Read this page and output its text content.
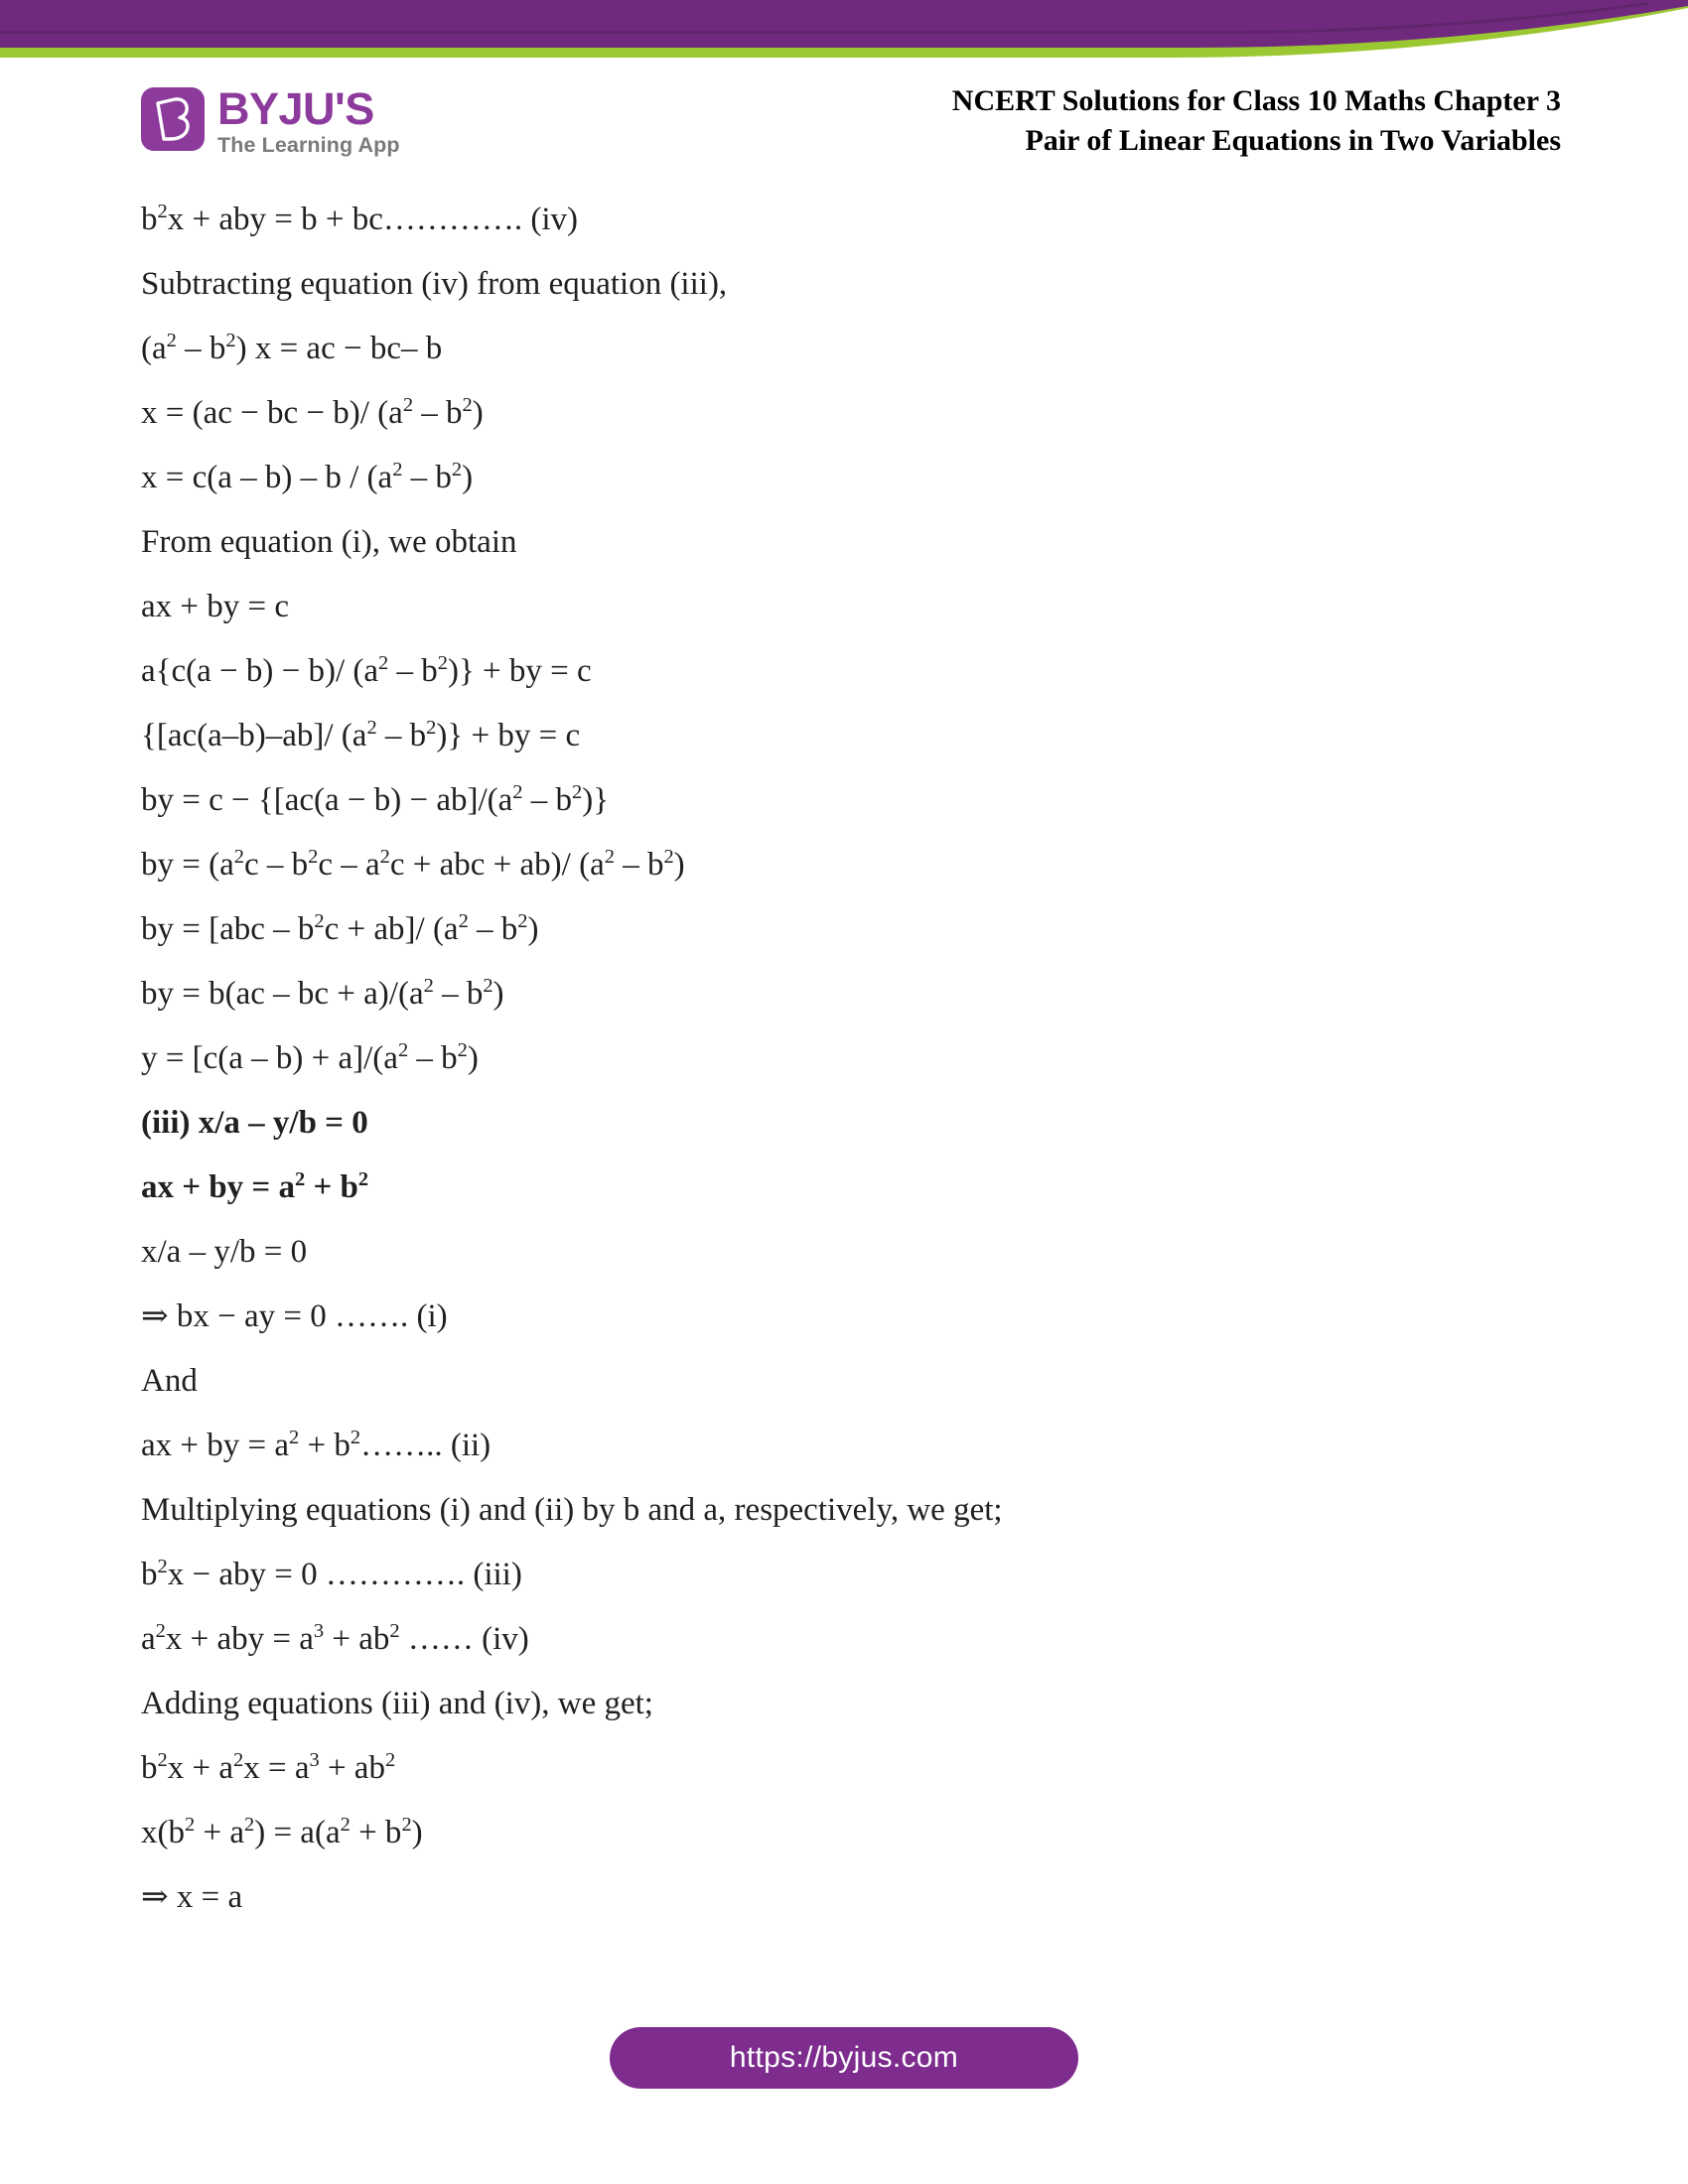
BYJU'S
The Learning App
NCERT Solutions for Class 10 Maths Chapter 3
Pair of Linear Equations in Two Variables
$b^2x$ + aby = b + bc…………. (iv)
Subtracting equation (iv) from equation (iii),
$(a^2 - b^2) x$ = ac − bc– b
x = (ac − bc − b)/ $(a^2 - b^2)$
$x = c(a - b) - b / (a^2 - b^2)$
From equation (i), we obtain
ax + by = c
a{c(a − b) − b)/ $(a^2 - b^2)$} + by = c
{[ac(a–b)–ab]/ $(a^2 - b^2)$} + by = c
by = $c - \{[ac(a - b) - ab]/(a^2 - b^2)\}$
by = ($a^2c - b^2c - a^2c$ + abc + ab)/ $(a^2 - b^2)$
by = $[abc - b^2c + ab]/$ $(a^2 - b^2)$
by = b(ac – bc + $a)/(a^2 - b^2)$
$y = [c(a - b) + a]/(a^2 - b^2)$
(iii) x/a – y/b = 0
ax + by = $a^2 + b^2$
x/a – y/b = 0
⇒ bx − ay = 0 ……. (i)
And
ax + by = $a^2$ + $b^2\dots\dots$.. (ii)
Multiplying equations (i) and (ii) by b and a, respectively, we get;
$b^2x$ − aby = 0 …………. (iii)
$a^2x$ + aby = $a^3 + ab^2$ …… (iv)
Adding equations (iii) and (iv), we get;
$b^2x + a^2x = a^3 + ab^2$
$x(b^2 + a^2) = a(a^2 + b^2)$
⇒ x = a
https://byjus.com
